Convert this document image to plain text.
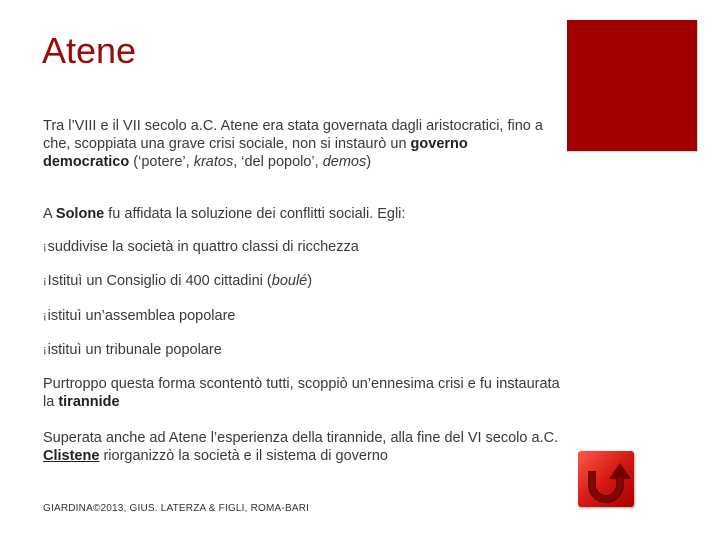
Atene
Tra l’VIII e il VII secolo a.C. Atene era stata governata dagli aristocratici, fino a che, scoppiata una grave crisi sociale, non si instaurò un governo democratico (‘potere’, kratos, ‘del popolo’, demos)
A Solone fu affidata la soluzione dei conflitti sociali. Egli:
¡suddivise la società in quattro classi di ricchezza
¡Istituì un Consiglio di 400 cittadini (boulé)
¡istituì un’assemblea popolare
¡istituì un tribunale popolare
Purtroppo questa forma scontentò tutti, scoppiò un’ennesima crisi e fu instaurata la tirannide
Superata anche ad Atene l’esperienza della tirannide, alla fine del VI secolo a.C. Clistene riorganizzò la società e il sistema di governo
GIARDINA©2013, GIUS. LATERZA & FIGLI, ROMA-BARI
